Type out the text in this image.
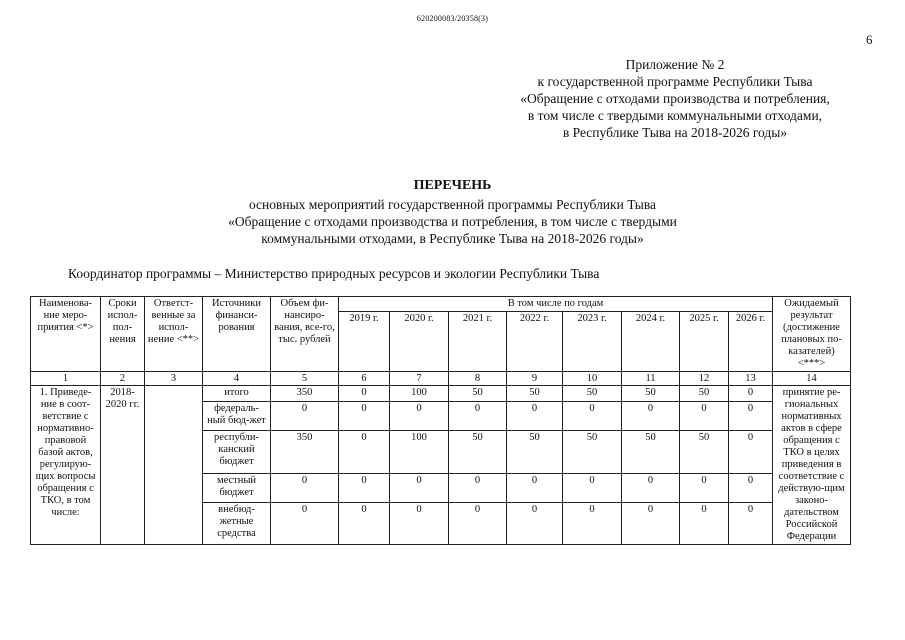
620200083/20358(3)
6
Приложение № 2
к государственной программе Республики Тыва
«Обращение с отходами производства и потребления,
в том числе с твердыми коммунальными отходами,
в Республике Тыва на 2018-2026 годы»
ПЕРЕЧЕНЬ
основных мероприятий государственной программы Республики Тыва
«Обращение с отходами производства и потребления, в том числе с твердыми
коммунальными отходами, в Республике Тыва на 2018-2026 годы»
Координатор программы – Министерство природных ресурсов и экологии Республики Тыва
Наименова-ние меро-приятия <*>	Сроки испол-пол-нения	Ответст-венные за испол-нение <**>	Источники финанси-рования	Объем фи-нансиро-вания, все-го, тыс. рублей	В том числе по годам								Ожидаемый результат (достижение плановых по-казателей) <***>
					2019 г.	2020 г.	2021 г.	2022 г.	2023 г.	2024 г.	2025 г.	2026 г.	
1	2	3	4	5	6	7	8	9	10	11	12	13	14
1. Приведе-ние в соот-ветствие с нормативно-правовой базой актов, регулирую-щих вопросы обращения с ТКО, в том числе:	2018-2020 гг.		итого	350	0	100	50	50	50	50	50	0	принятие ре-гиональных нормативных актов в сфере обращения с ТКО в целях приведения в соответствие с действую-щим законо-дательством Российской Федерации
			федераль-ный бюд-жет	0	0	0	0	0	0	0	0	0	
			республи-канский бюджет	350	0	100	50	50	50	50	50	0	
			местный бюджет	0	0	0	0	0	0	0	0	0	
			внебюд-жетные средства	0	0	0	0	0	0	0	0	0	
